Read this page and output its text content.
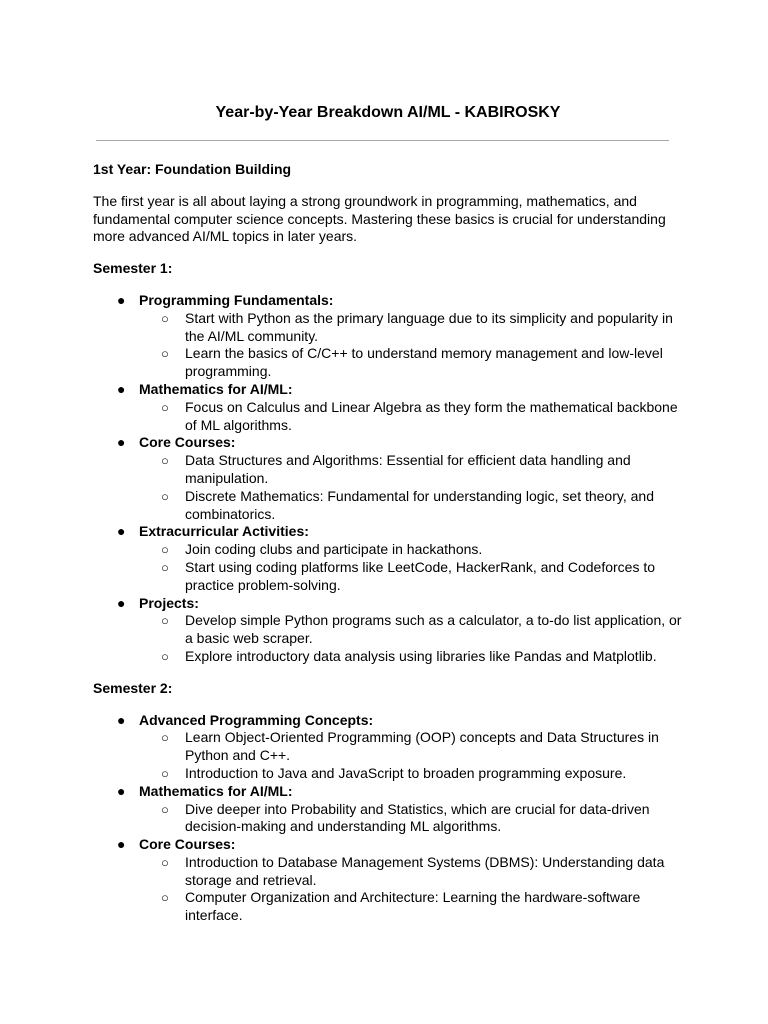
Year-by-Year Breakdown AI/ML - KABIROSKY
1st Year: Foundation Building

The first year is all about laying a strong groundwork in programming, mathematics, and fundamental computer science concepts. Mastering these basics is crucial for understanding more advanced AI/ML topics in later years.

Semester 1:
● Programming Fundamentals:
○ Start with Python as the primary language due to its simplicity and popularity in the AI/ML community.
○ Learn the basics of C/C++ to understand memory management and low-level programming.
● Mathematics for AI/ML:
○ Focus on Calculus and Linear Algebra as they form the mathematical backbone of ML algorithms.
● Core Courses:
○ Data Structures and Algorithms: Essential for efficient data handling and manipulation.
○ Discrete Mathematics: Fundamental for understanding logic, set theory, and combinatorics.
● Extracurricular Activities:
○ Join coding clubs and participate in hackathons.
○ Start using coding platforms like LeetCode, HackerRank, and Codeforces to practice problem-solving.
● Projects:
○ Develop simple Python programs such as a calculator, a to-do list application, or a basic web scraper.
○ Explore introductory data analysis using libraries like Pandas and Matplotlib.
Semester 2:
● Advanced Programming Concepts:
○ Learn Object-Oriented Programming (OOP) concepts and Data Structures in Python and C++.
○ Introduction to Java and JavaScript to broaden programming exposure.
● Mathematics for AI/ML:
○ Dive deeper into Probability and Statistics, which are crucial for data-driven decision-making and understanding ML algorithms.
● Core Courses:
○ Introduction to Database Management Systems (DBMS): Understanding data storage and retrieval.
○ Computer Organization and Architecture: Learning the hardware-software interface.
